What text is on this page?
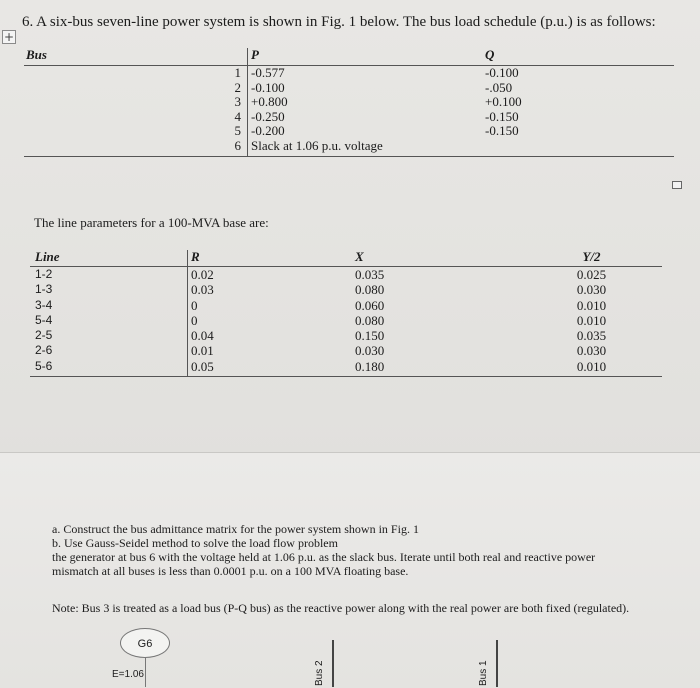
+
6. A six-bus seven-line power system is shown in Fig. 1 below. The bus load schedule (p.u.) is as follows:
Bus	P	Q
1	-0.577	-0.100
2	-0.100	-.050
3	+0.800	+0.100
4	-0.250	-0.150
5	-0.200	-0.150
6	Slack at 1.06 p.u. voltage	
The line parameters for a 100-MVA base are:
Line	R	X	Y/2
1-2	0.02	0.035	0.025
1-3	0.03	0.080	0.030
3-4	0	0.060	0.010
5-4	0	0.080	0.010
2-5	0.04	0.150	0.035
2-6	0.01	0.030	0.030
5-6	0.05	0.180	0.010
a. Construct the bus admittance matrix for the power system shown in Fig. 1
b. Use Gauss-Seidel method to solve the load flow problem
the generator at bus 6 with the voltage held at 1.06 p.u. as the slack bus. Iterate until both real and reactive power mismatch at all buses is less than 0.0001 p.u. on a 100 MVA floating base.
Note: Bus 3 is treated as a load bus (P-Q bus) as the reactive power along with the real power are both fixed (regulated).
G6
E=1.06	Bus 2	Bus 1
